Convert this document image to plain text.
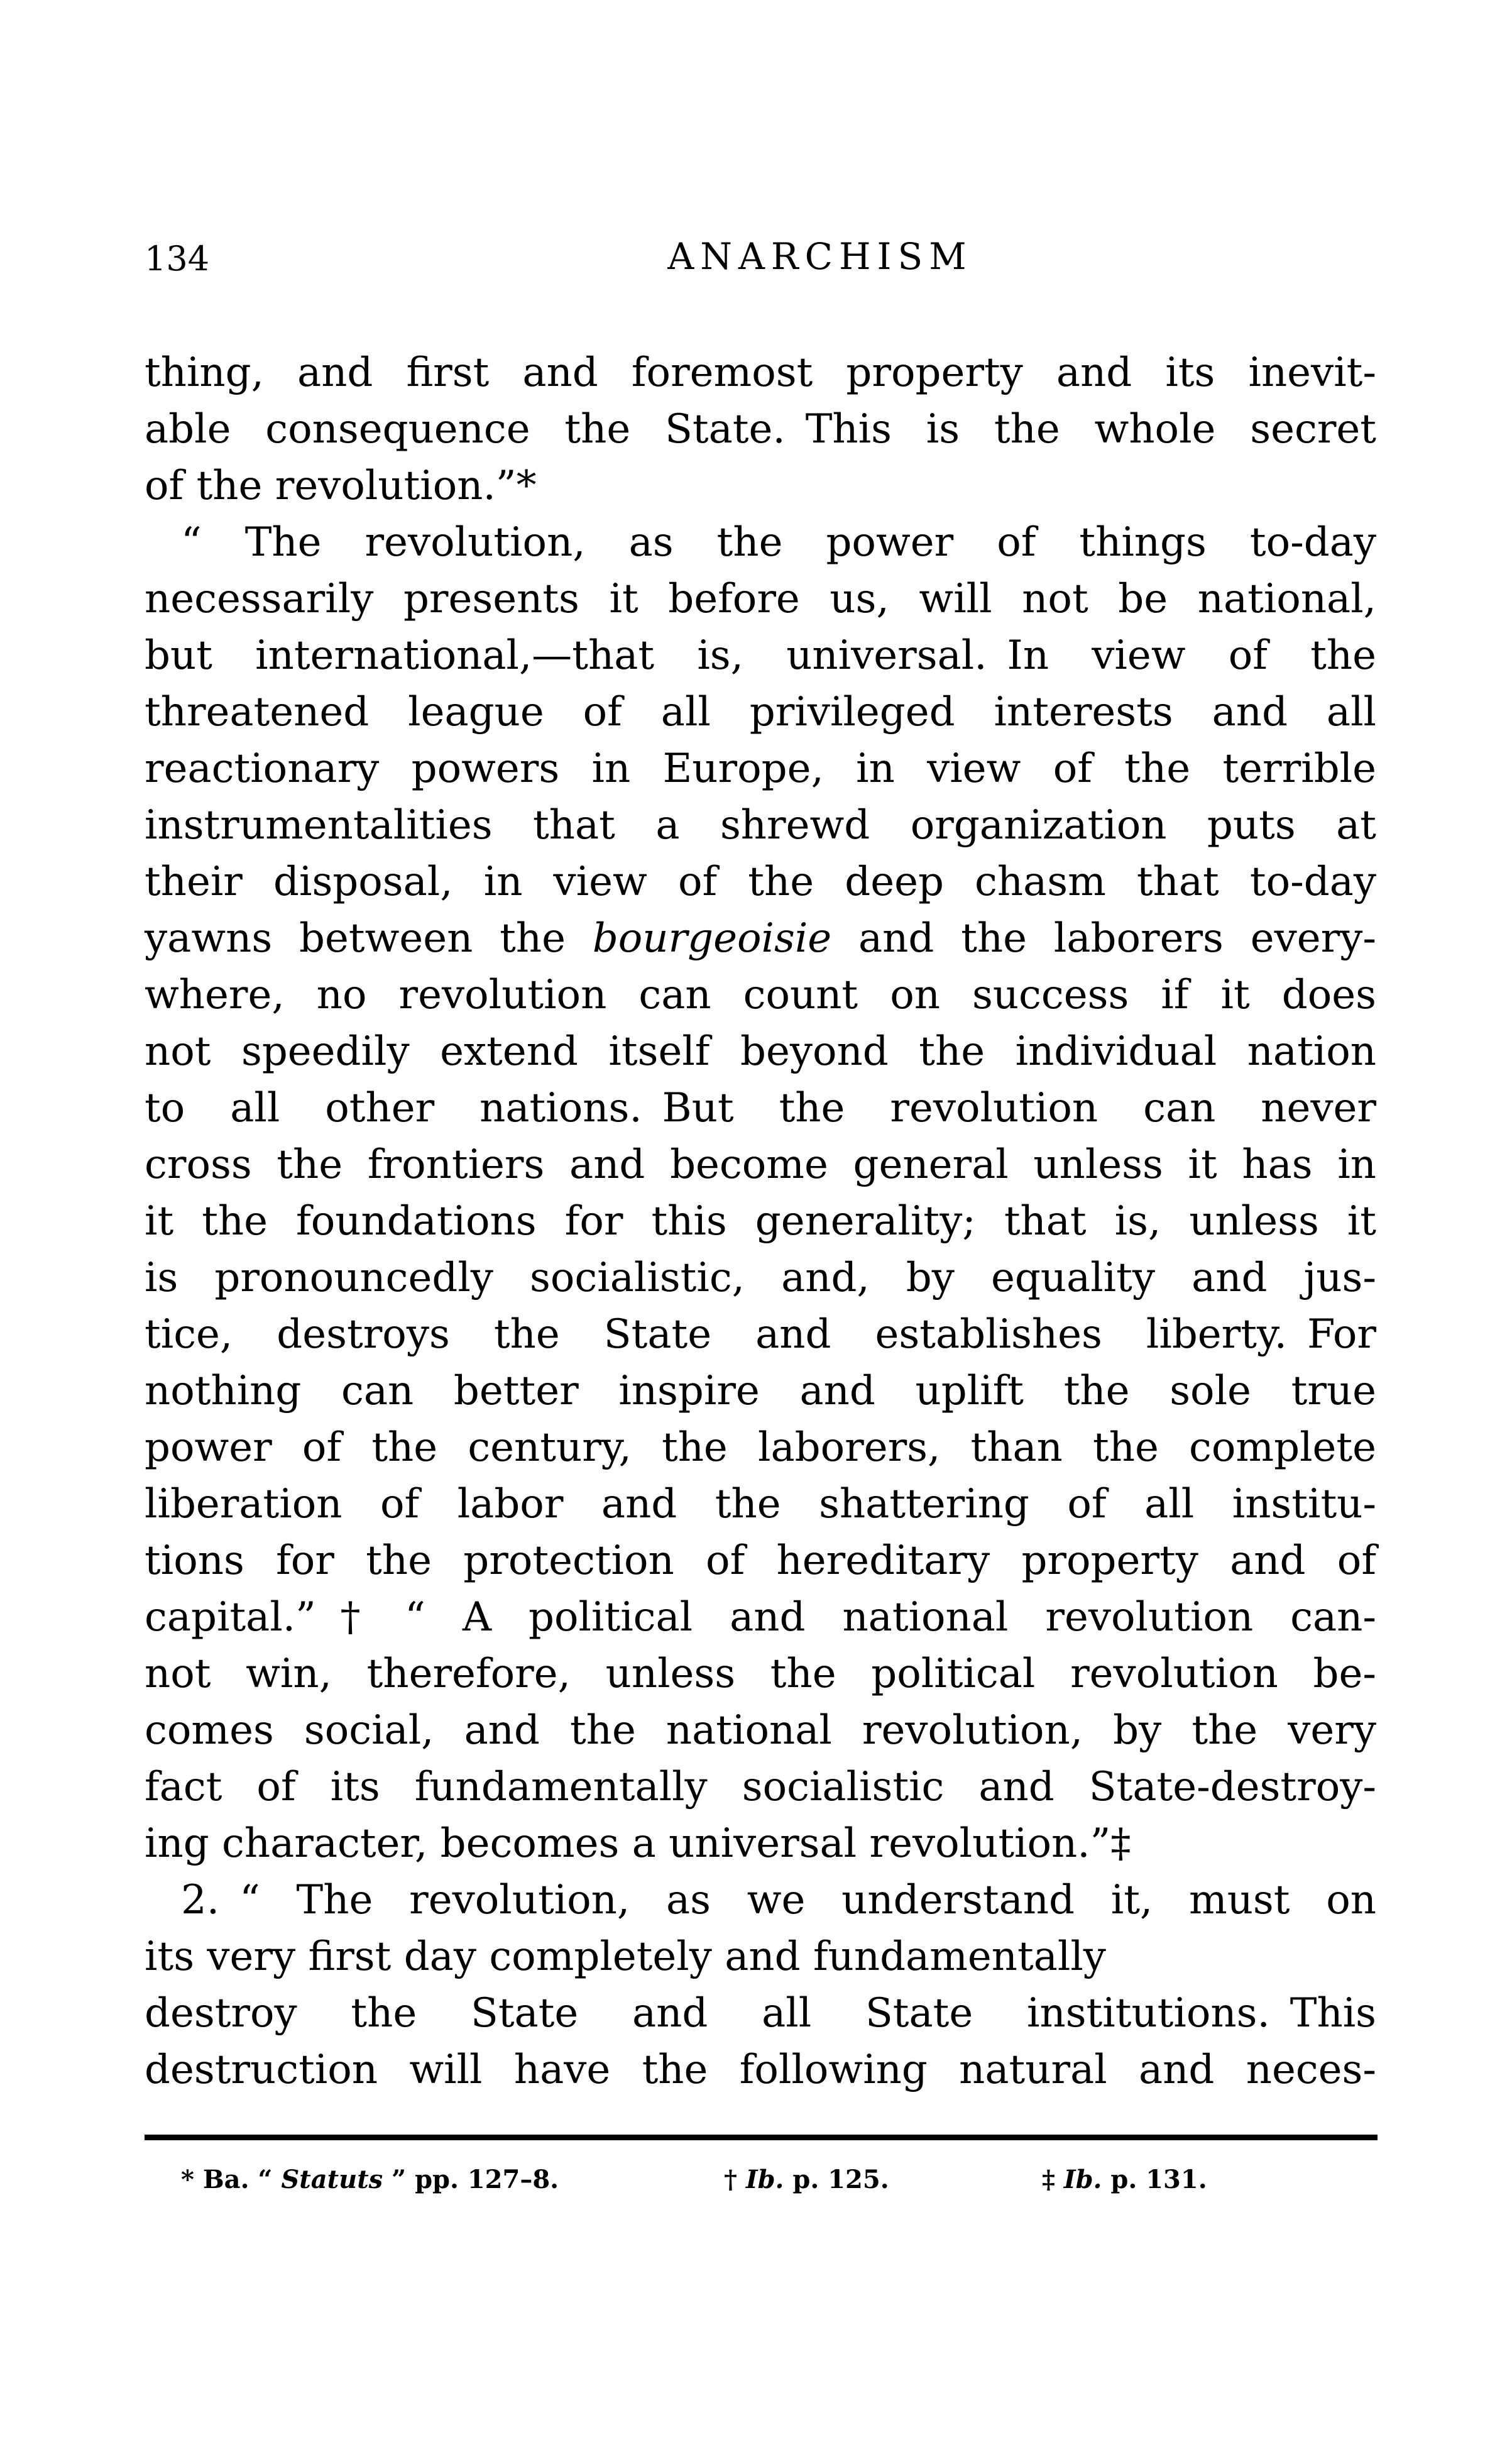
134	ANARCHISM
thing, and first and foremost property and its inevit-
able consequence the State. This is the whole secret
of the revolution.”*
“ The revolution, as the power of things to-day
necessarily presents it before us, will not be national,
but international,—that is, universal. In view of the
threatened league of all privileged interests and all
reactionary powers in Europe, in view of the terrible
instrumentalities that a shrewd organization puts at
their disposal, in view of the deep chasm that to-day
yawns between the bourgeoisie and the laborers every-
where, no revolution can count on success if it does
not speedily extend itself beyond the individual nation
to all other nations. But the revolution can never
cross the frontiers and become general unless it has in
it the foundations for this generality; that is, unless it
is pronouncedly socialistic, and, by equality and jus-
tice, destroys the State and establishes liberty. For
nothing can better inspire and uplift the sole true
power of the century, the laborers, than the complete
liberation of labor and the shattering of all institu-
tions for the protection of hereditary property and of
capital.”† “ A political and national revolution can-
not win, therefore, unless the political revolution be-
comes social, and the national revolution, by the very
fact of its fundamentally socialistic and State-destroy-
ing character, becomes a universal revolution.”‡
2. “ The revolution, as we understand it, must on
its very first day completely and fundamentally
destroy the State and all State institutions. This
destruction will have the following natural and neces-
* Ba. “ Statuts ” pp. 127–8.	† Ib. p. 125.	‡ Ib. p. 131.
